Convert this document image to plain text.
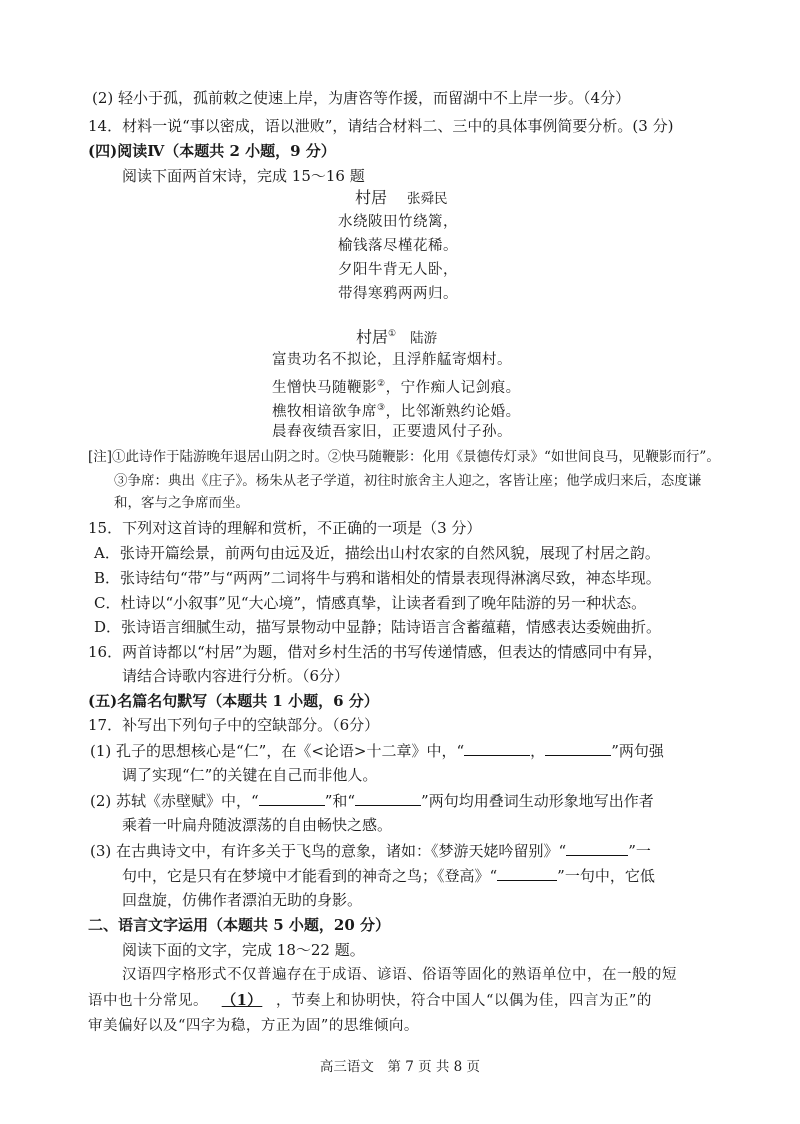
(2) 轻小于孤，孤前敕之使速上岸，为唐咨等作援，而留湖中不上岸一步。（4分）
14．材料一说“事以密成，语以泄败”，请结合材料二、三中的具体事例简要分析。(3 分)
(四)阅读Ⅳ（本题共 2 小题，9 分）
阅读下面两首宋诗，完成 15～16 题
村居 张舜民
水绕陂田竹绕篱，
榆钱落尽槿花稀。
夕阳牛背无人卧，
带得寒鸦两两归。
村居① 陆游
富贵功名不拟论，且浮舴艋寄烟村。
生憎快马随鞭影②，宁作痴人记剑痕。
樵牧相谙欲争席③，比邻渐熟约论婚。
晨舂夜绩吾家旧，正要遗风付子孙。
[注]①此诗作于陆游晚年退居山阴之时。②快马随鞭影：化用《景德传灯录》“如世间良马，见鞭影而行”。
③争席：典出《庄子》。杨朱从老子学道，初往时旅舍主人迎之，客皆让座；他学成归来后，态度谦
和，客与之争席而坐。
15．下列对这首诗的理解和赏析，不正确的一项是（3 分）
A．张诗开篇绘景，前两句由远及近，描绘出山村农家的自然风貌，展现了村居之韵。
B．张诗结句“带”与“两两”二词将牛与鸦和谐相处的情景表现得淋漓尽致，神态毕现。
C．杜诗以“小叙事”见“大心境”，情感真挚，让读者看到了晚年陆游的另一种状态。
D．张诗语言细腻生动，描写景物动中显静；陆诗语言含蓄蕴藉，情感表达委婉曲折。
16．两首诗都以“村居”为题，借对乡村生活的书写传递情感，但表达的情感同中有异，
请结合诗歌内容进行分析。（6分）
(五)名篇名句默写（本题共 1 小题，6 分）
17．补写出下列句子中的空缺部分。（6分）
(1) 孔子的思想核心是“仁”，在《<论语>十二章》中，“	，	”两句强
调了实现“仁”的关键在自己而非他人。
(2) 苏轼《赤壁赋》中，“	”和“	”两句均用叠词生动形象地写出作者
乘着一叶扁舟随波漂荡的自由畅快之感。
(3) 在古典诗文中，有许多关于飞鸟的意象，诸如：《梦游天姥吟留别》“	”一
句中，它是只有在梦境中才能看到的神奇之鸟；《登高》“	”一句中，它低
回盘旋，仿佛作者漂泊无助的身影。
二、语言文字运用（本题共 5 小题，20 分）
阅读下面的文字，完成 18～22 题。
汉语四字格形式不仅普遍存在于成语、谚语、俗语等固化的熟语单位中，在一般的短
语中也十分常见。 （1） ，节奏上和协明快，符合中国人“以偶为佳，四言为正”的
审美偏好以及“四字为稳，方正为固”的思维倾向。
高三语文　第 7 页 共 8 页
